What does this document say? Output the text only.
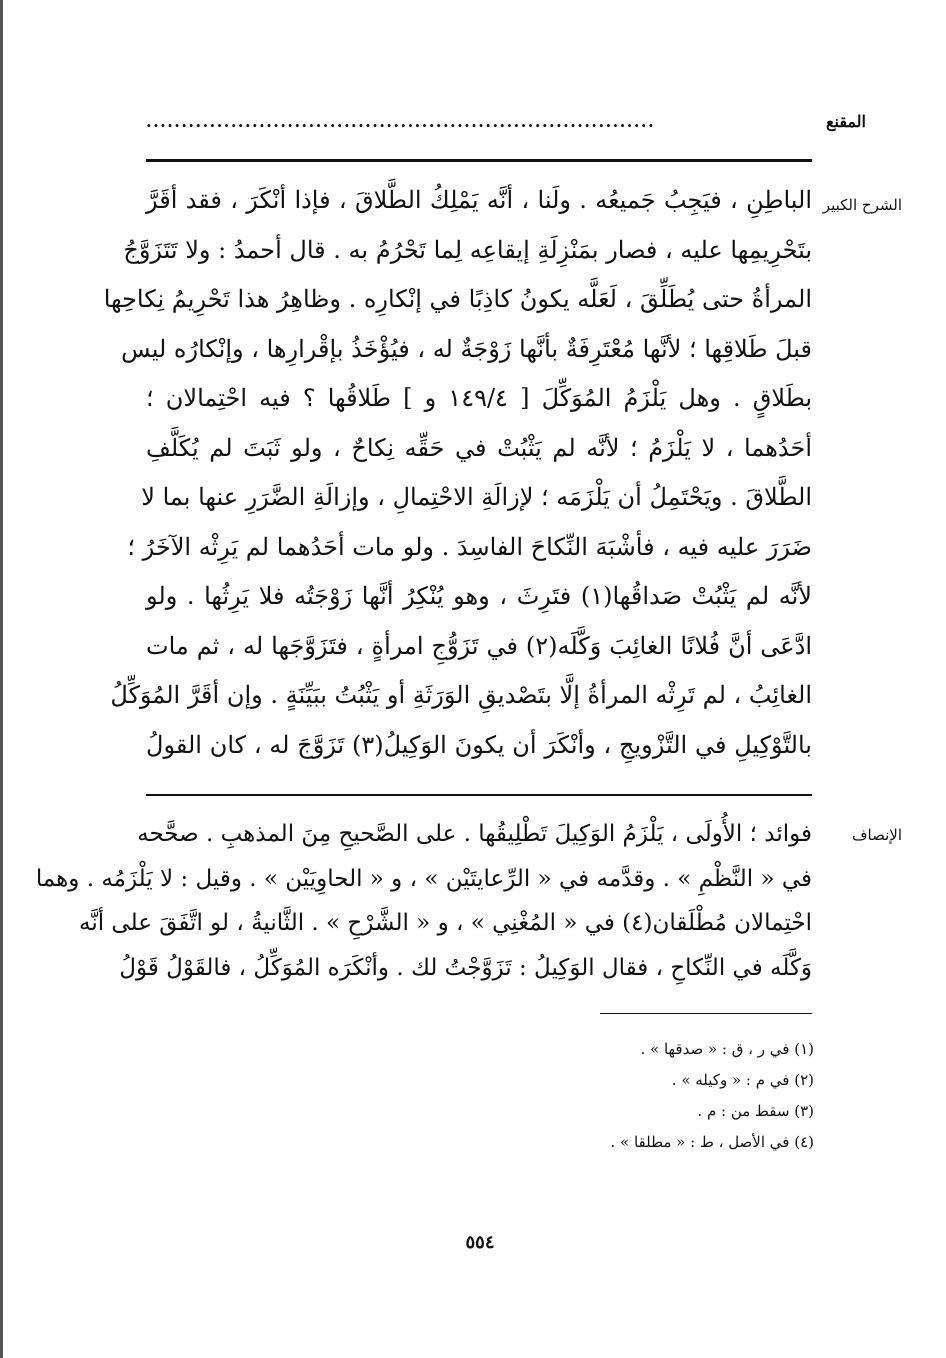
المقنع
........................................................................
الشرح الكبير
الباطِنِ ، فيَجِبُ جَميعُه . ولَنا ، أنَّه يَمْلِكُ الطَّلاقَ ، فإذا أنْكَرَ ، فقد أقَرَّ
بتَحْرِيمِها عليه ، فصار بمَنْزِلَةِ إيقاعِه لِما تَحْرُمُ به . قال أحمدُ : ولا تَتَزَوَّجُ
المرأةُ حتى يُطَلِّقَ ، لَعَلَّه يكونُ كاذِبًا في إنْكارِه . وظاهِرُ هذا تَحْرِيمُ نِكاحِها
قبلَ طَلاقِها ؛ لأنَّها مُعْتَرِفَةٌ بأنَّها زَوْجَةٌ له ، فيُؤْخَذُ بإقْرارِها ، وإنْكارُه ليس
بطَلاقٍ . وهل يَلْزَمُ المُوَكِّلَ [ ١٤٩/٤ و ] طَلاقُها ؟ فيه احْتِمالان ؛
أحَدُهما ، لا يَلْزَمُ ؛ لأنَّه لم يَثْبُتْ في حَقِّه نِكاحٌ ، ولو ثَبَتَ لم يُكَلَّفِ
الطَّلاقَ . ويَحْتَمِلُ أن يَلْزَمَه ؛ لإزالَةِ الاحْتِمالِ ، وإزالَةِ الضَّرَرِ عنها بما لا
ضَرَرَ عليه فيه ، فأشْبَهَ النِّكاحَ الفاسِدَ . ولو مات أحَدُهما لم يَرِثْه الآخَرُ ؛
لأنَّه لم يَثْبُتْ صَداقُها(١) فتَرِثَ ، وهو يُنْكِرُ أنَّها زَوْجَتُه فلا يَرِثُها . ولو
ادَّعَى أنَّ فُلانًا الغائِبَ وَكَّلَه(٢) في تَزَوُّجِ امرأةٍ ، فتَزَوَّجَها له ، ثم مات
الغائِبُ ، لم تَرِثْه المرأةُ إلَّا بتَصْديقِ الوَرَثَةِ أو يَثْبُتُ ببَيِّنَةٍ . وإن أقَرَّ المُوَكِّلُ
بالتَّوْكِيلِ في التَّزْويجِ ، وأنْكَرَ أن يكونَ الوَكِيلُ(٣) تَزَوَّجَ له ، كان القولُ
الإنصاف
فوائد ؛ الأُولَى ، يَلْزَمُ الوَكِيلَ تَطْلِيقُها . على الصَّحيحِ مِنَ المذهبِ . صحَّحه
في « النَّظْمِ » . وقدَّمه في « الرِّعايتَيْن » ، و « الحاوِيَيْن » . وقيل : لا يَلْزَمُه . وهما
احْتِمالان مُطْلَقان(٤) في « المُغْنِي » ، و « الشَّرْحِ » . الثَّانيةُ ، لو اتَّفَقَ على أنَّه
وَكَّلَه في النِّكاحِ ، فقال الوَكِيلُ : تَزَوَّجْتُ لك . وأنْكَرَه المُوَكِّلُ ، فالقَوْلُ قَوْلُ
(١) في ر ، ق : « صدقها » .
(٢) في م : « وكيله » .
(٣) سقط من : م .
(٤) في الأصل ، ط : « مطلقا » .
٥٥٤
